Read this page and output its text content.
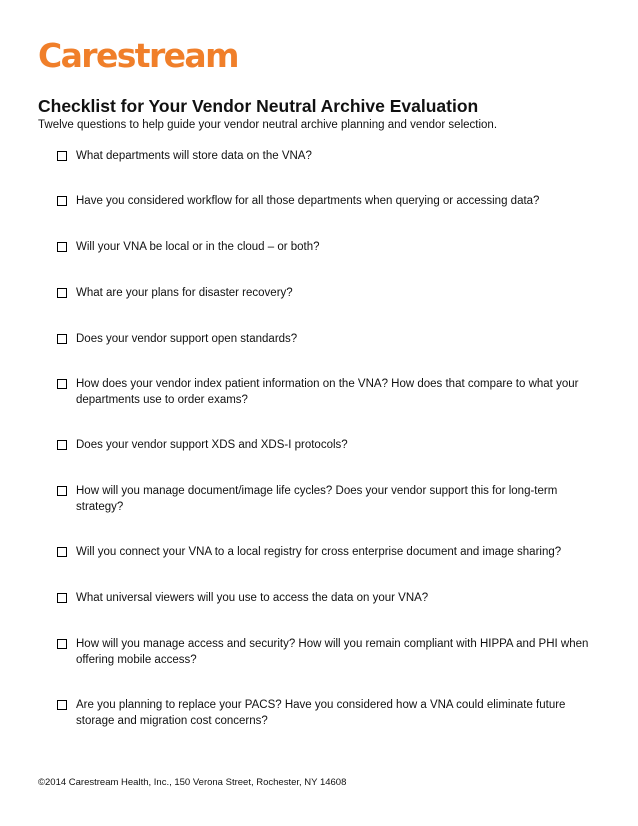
Carestream
Checklist for Your Vendor Neutral Archive Evaluation

Twelve questions to help guide your vendor neutral archive planning and vendor selection.

What departments will store data on the VNA?
Have you considered workflow for all those departments when querying or accessing data?
Will your VNA be local or in the cloud – or both?
What are your plans for disaster recovery?
Does your vendor support open standards?
How does your vendor index patient information on the VNA? How does that compare to what your departments use to order exams?
Does your vendor support XDS and XDS-I protocols?
How will you manage document/image life cycles? Does your vendor support this for long-term strategy?
Will you connect your VNA to a local registry for cross enterprise document and image sharing?
What universal viewers will you use to access the data on your VNA?
How will you manage access and security? How will you remain compliant with HIPPA and PHI when offering mobile access?
Are you planning to replace your PACS? Have you considered how a VNA could eliminate future storage and migration cost concerns?
©2014 Carestream Health, Inc., 150 Verona Street, Rochester, NY 14608
